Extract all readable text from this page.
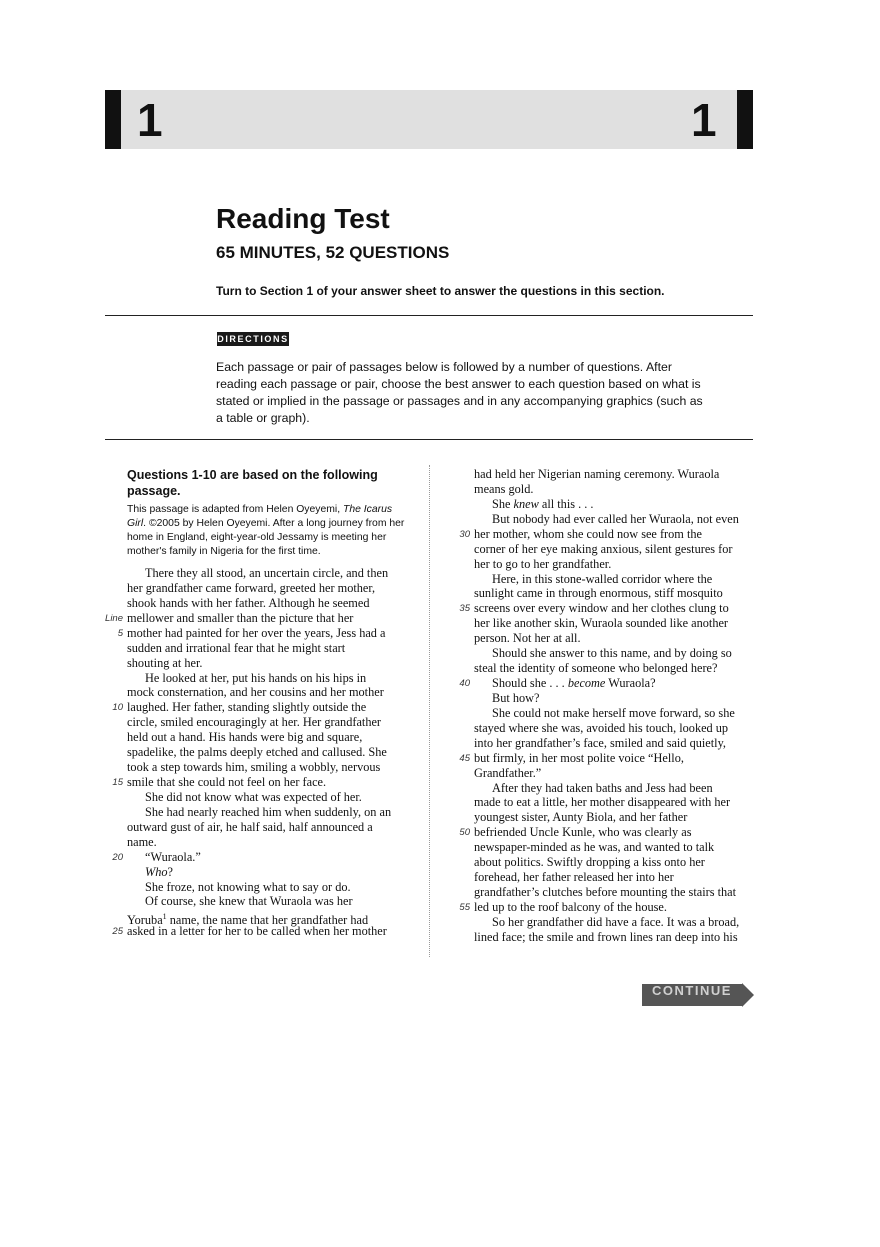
1	1
Reading Test
65 MINUTES, 52 QUESTIONS
Turn to Section 1 of your answer sheet to answer the questions in this section.
DIRECTIONS
Each passage or pair of passages below is followed by a number of questions. After reading each passage or pair, choose the best answer to each question based on what is stated or implied in the passage or passages and in any accompanying graphics (such as a table or graph).
Questions 1-10 are based on the following passage.
This passage is adapted from Helen Oyeyemi, The Icarus Girl. ©2005 by Helen Oyeyemi. After a long journey from her home in England, eight-year-old Jessamy is meeting her mother's family in Nigeria for the first time.
There they all stood, an uncertain circle, and then
her grandfather came forward, greeted her mother,
shook hands with her father. Although he seemed
mellower and smaller than the picture that her
Line
mother had painted for her over the years, Jess had a
5
sudden and irrational fear that he might start
shouting at her.
He looked at her, put his hands on his hips in
mock consternation, and her cousins and her mother
laughed. Her father, standing slightly outside the
10
circle, smiled encouragingly at her. Her grandfather
held out a hand. His hands were big and square,
spadelike, the palms deeply etched and callused. She
took a step towards him, smiling a wobbly, nervous
smile that she could not feel on her face.
15
She did not know what was expected of her.
She had nearly reached him when suddenly, on an
outward gust of air, he half said, half announced a
name.
“Wuraola.”
20
Who?
She froze, not knowing what to say or do.
Of course, she knew that Wuraola was her
Yoruba$^1$ name, the name that her grandfather had
asked in a letter for her to be called when her mother
25
had held her Nigerian naming ceremony. Wuraola
means gold.
She knew all this . . .
But nobody had ever called her Wuraola, not even
her mother, whom she could now see from the
30
corner of her eye making anxious, silent gestures for
her to go to her grandfather.
Here, in this stone-walled corridor where the
sunlight came in through enormous, stiff mosquito
screens over every window and her clothes clung to
35
her like another skin, Wuraola sounded like another
person. Not her at all.
Should she answer to this name, and by doing so
steal the identity of someone who belonged here?
Should she . . . become Wuraola?
40
But how?
She could not make herself move forward, so she
stayed where she was, avoided his touch, looked up
into her grandfather’s face, smiled and said quietly,
but firmly, in her most polite voice “Hello,
45
Grandfather.”
After they had taken baths and Jess had been
made to eat a little, her mother disappeared with her
youngest sister, Aunty Biola, and her father
befriended Uncle Kunle, who was clearly as
50
newspaper-minded as he was, and wanted to talk
about politics. Swiftly dropping a kiss onto her
forehead, her father released her into her
grandfather’s clutches before mounting the stairs that
led up to the roof balcony of the house.
55
So her grandfather did have a face. It was a broad,
lined face; the smile and frown lines ran deep into his
CONTINUE
